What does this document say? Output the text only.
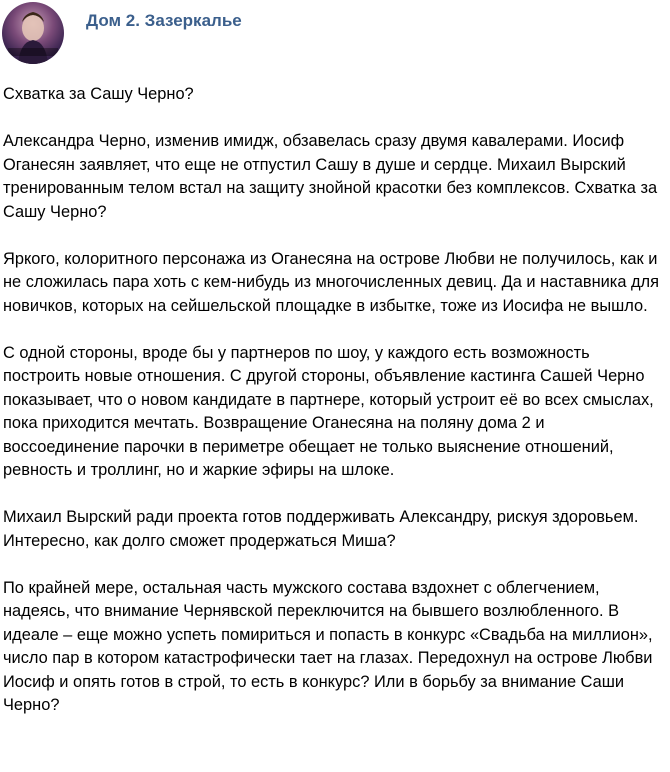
Дом 2. Зазеркалье

Схватка за Сашу Черно?

Александра Черно, изменив имидж, обзавелась сразу двумя кавалерами. Иосиф Оганесян заявляет, что еще не отпустил Сашу в душе и сердце. Михаил Вырский тренированным телом встал на защиту знойной красотки без комплексов. Схватка за Сашу Черно?

Яркого, колоритного персонажа из Оганесяна на острове Любви не получилось, как и не сложилась пара хоть с кем-нибудь из многочисленных девиц. Да и наставника для новичков, которых на сейшельской площадке в избытке, тоже из Иосифа не вышло.

С одной стороны, вроде бы у партнеров по шоу, у каждого есть возможность построить новые отношения. С другой стороны, объявление кастинга Сашей Черно показывает, что о новом кандидате в партнере, который устроит её во всех смыслах, пока приходится мечтать. Возвращение Оганесяна на поляну дома 2 и воссоединение парочки в периметре обещает не только выяснение отношений, ревность и троллинг, но и жаркие эфиры на шлоке.

Михаил Вырский ради проекта готов поддерживать Александру, рискуя здоровьем. Интересно, как долго сможет продержаться Миша?

По крайней мере, остальная часть мужского состава вздохнет с облегчением, надеясь, что внимание Чернявской переключится на бывшего возлюбленного. В идеале – еще можно успеть помириться и попасть в конкурс «Свадьба на миллион», число пар в котором катастрофически тает на глазах. Передохнул на острове Любви Иосиф и опять готов в строй, то есть в конкурс? Или в борьбу за внимание Саши Черно?
